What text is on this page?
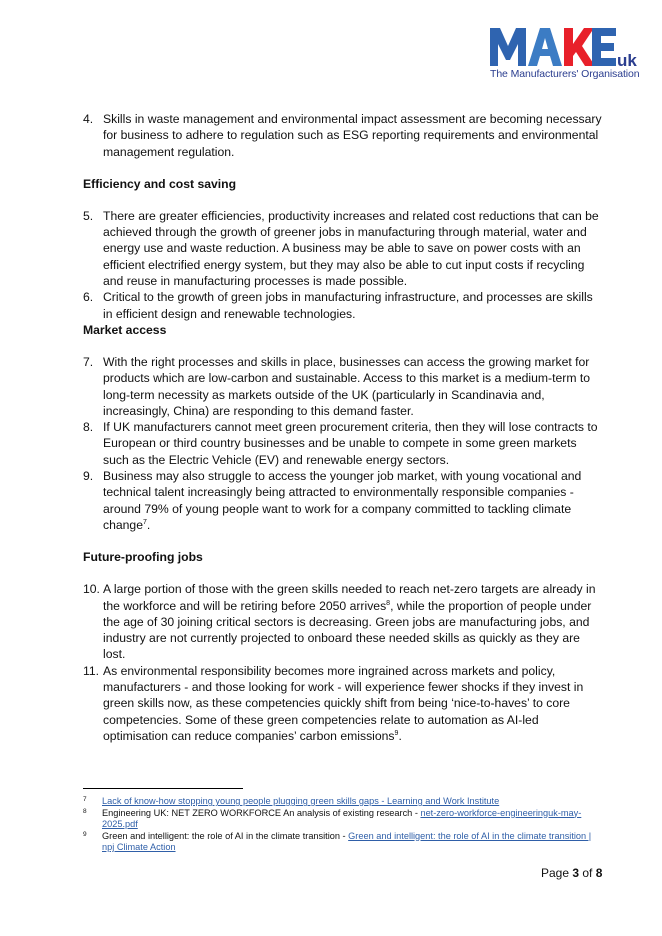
uk
The Manufacturers' Organisation
4. Skills in waste management and environmental impact assessment are becoming necessary for business to adhere to regulation such as ESG reporting requirements and environmental management regulation.
Efficiency and cost saving
5. There are greater efficiencies, productivity increases and related cost reductions that can be achieved through the growth of greener jobs in manufacturing through material, water and energy use and waste reduction. A business may be able to save on power costs with an efficient electrified energy system, but they may also be able to cut input costs if recycling and reuse in manufacturing processes is made possible.
6. Critical to the growth of green jobs in manufacturing infrastructure, and processes are skills in efficient design and renewable technologies.
Market access
7. With the right processes and skills in place, businesses can access the growing market for products which are low-carbon and sustainable. Access to this market is a medium-term to long-term necessity as markets outside of the UK (particularly in Scandinavia and, increasingly, China) are responding to this demand faster.
8. If UK manufacturers cannot meet green procurement criteria, then they will lose contracts to European or third country businesses and be unable to compete in some green markets such as the Electric Vehicle (EV) and renewable energy sectors.
9. Business may also struggle to access the younger job market, with young vocational and technical talent increasingly being attracted to environmentally responsible companies - around 79% of young people want to work for a company committed to tackling climate change$^7$.
Future-proofing jobs
10. A large portion of those with the green skills needed to reach net-zero targets are already in the workforce and will be retiring before 2050 arrives$^8$, while the proportion of people under the age of 30 joining critical sectors is decreasing. Green jobs are manufacturing jobs, and industry are not currently projected to onboard these needed skills as quickly as they are lost.
11. As environmental responsibility becomes more ingrained across markets and policy, manufacturers - and those looking for work - will experience fewer shocks if they invest in green skills now, as these competencies quickly shift from being ‘nice-to-haves’ to core competencies. Some of these green competencies relate to automation as AI-led optimisation can reduce companies’ carbon emissions$^9$.
7 Lack of know-how stopping young people plugging green skills gaps - Learning and Work Institute
8 Engineering UK: NET ZERO WORKFORCE An analysis of existing research - net-zero-workforce-engineeringuk-may-2025.pdf
9 Green and intelligent: the role of AI in the climate transition - Green and intelligent: the role of AI in the climate transition | npj Climate Action
Page 3 of 8
